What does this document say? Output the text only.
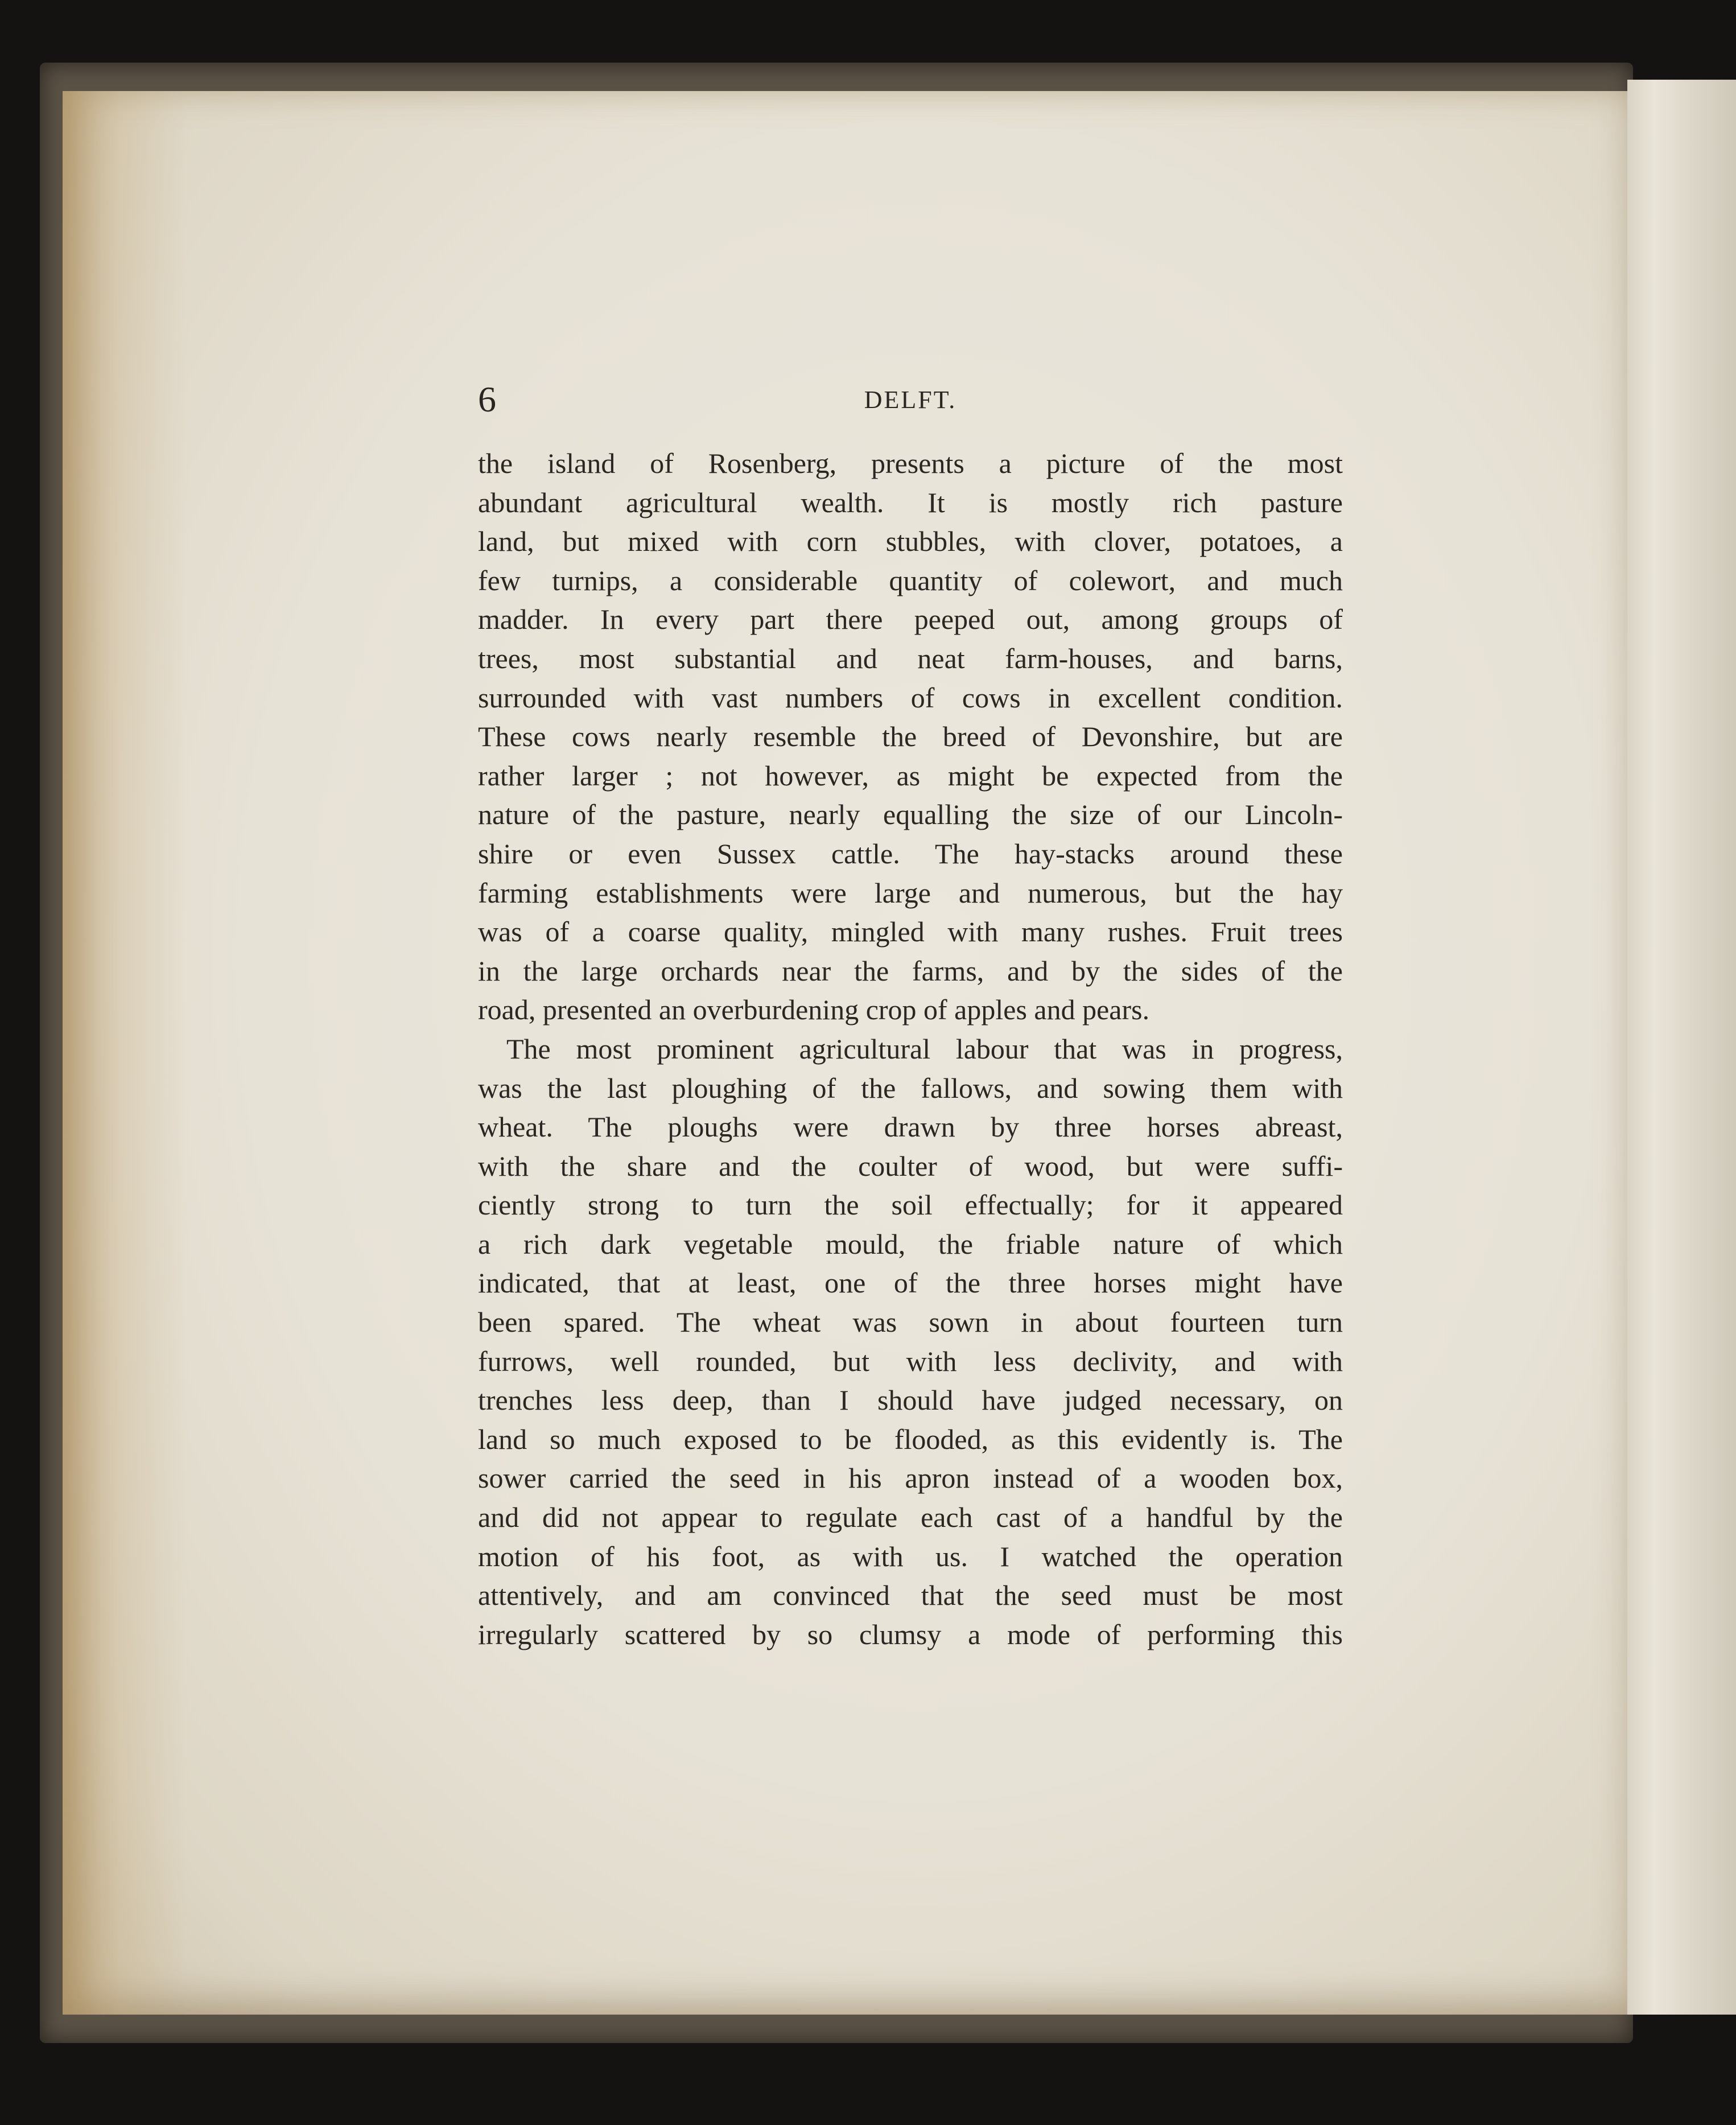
6	DELFT.
the island of Rosenberg, presents a picture of the most
abundant agricultural wealth. It is mostly rich pasture
land, but mixed with corn stubbles, with clover, potatoes, a
few turnips, a considerable quantity of colewort, and much
madder. In every part there peeped out, among groups of
trees, most substantial and neat farm-houses, and barns,
surrounded with vast numbers of cows in excellent condition.
These cows nearly resemble the breed of Devonshire, but are
rather larger ; not however, as might be expected from the
nature of the pasture, nearly equalling the size of our Lincoln-
shire or even Sussex cattle. The hay-stacks around these
farming establishments were large and numerous, but the hay
was of a coarse quality, mingled with many rushes. Fruit trees
in the large orchards near the farms, and by the sides of the
road, presented an overburdening crop of apples and pears.
The most prominent agricultural labour that was in progress,
was the last ploughing of the fallows, and sowing them with
wheat. The ploughs were drawn by three horses abreast,
with the share and the coulter of wood, but were suffi-
ciently strong to turn the soil effectually; for it appeared
a rich dark vegetable mould, the friable nature of which
indicated, that at least, one of the three horses might have
been spared. The wheat was sown in about fourteen turn
furrows, well rounded, but with less declivity, and with
trenches less deep, than I should have judged necessary, on
land so much exposed to be flooded, as this evidently is. The
sower carried the seed in his apron instead of a wooden box,
and did not appear to regulate each cast of a handful by the
motion of his foot, as with us. I watched the operation
attentively, and am convinced that the seed must be most
irregularly scattered by so clumsy a mode of performing this
